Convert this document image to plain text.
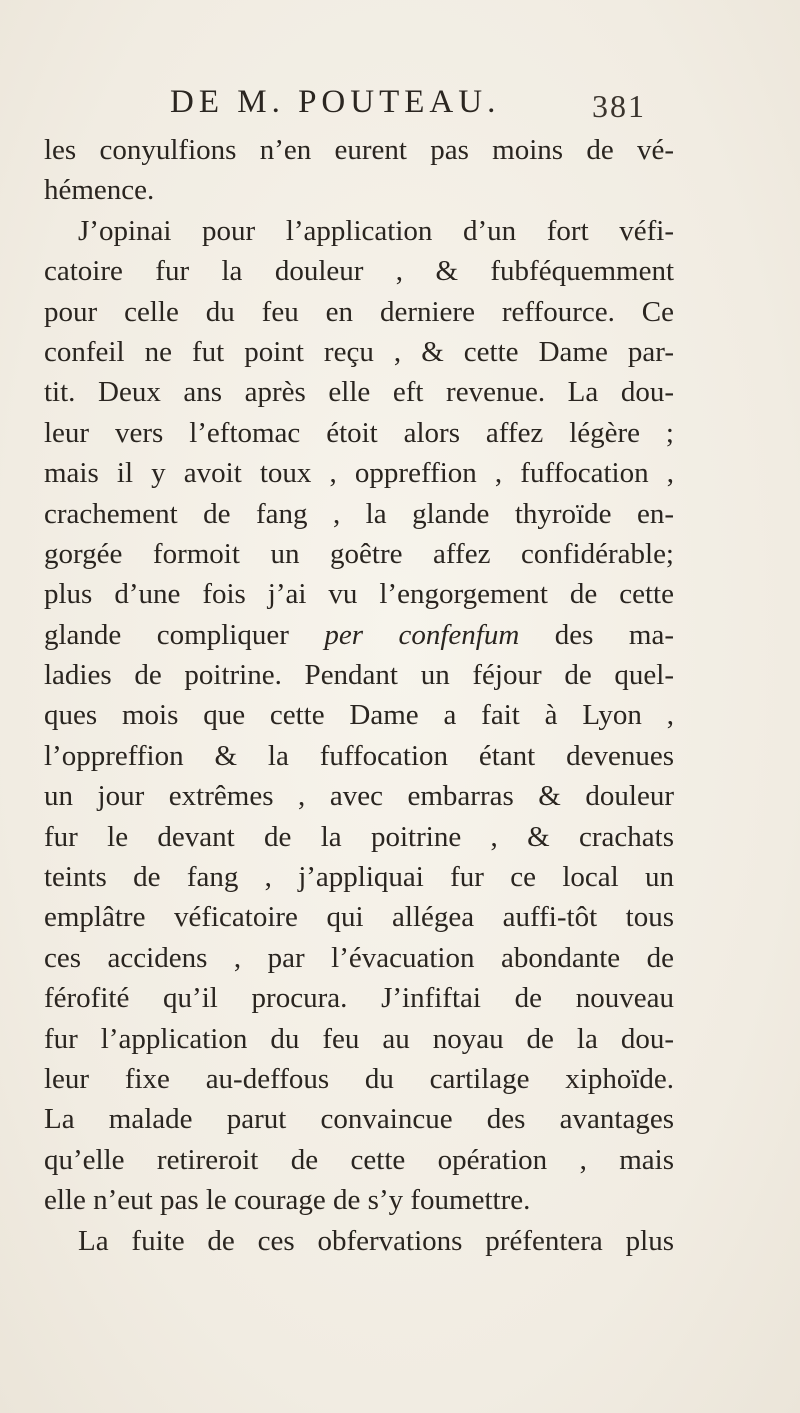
DE M. POUTEAU.	381
les conyulfions n’en eurent pas moins de vé-
hémence.
J’opinai pour l’application d’un fort véfi-
catoire fur la douleur , & fubféquemment
pour celle du feu en derniere reffource. Ce
confeil ne fut point reçu , & cette Dame par-
tit. Deux ans après elle eft revenue. La dou-
leur vers l’eftomac étoit alors affez légère ;
mais il y avoit toux , oppreffion , fuffocation ,
crachement de fang , la glande thyroïde en-
gorgée formoit un goêtre affez confidérable;
plus d’une fois j’ai vu l’engorgement de cette
glande compliquer per confenfum des ma-
ladies de poitrine. Pendant un féjour de quel-
ques mois que cette Dame a fait à Lyon ,
l’oppreffion & la fuffocation étant devenues
un jour extrêmes , avec embarras & douleur
fur le devant de la poitrine , & crachats
teints de fang , j’appliquai fur ce local un
emplâtre véficatoire qui allégea auffi-tôt tous
ces accidens , par l’évacuation abondante de
férofité qu’il procura. J’infiftai de nouveau
fur l’application du feu au noyau de la dou-
leur fixe au-deffous du cartilage xiphoïde.
La malade parut convaincue des avantages
qu’elle retireroit de cette opération , mais
elle n’eut pas le courage de s’y foumettre.
La fuite de ces obfervations préfentera plus
